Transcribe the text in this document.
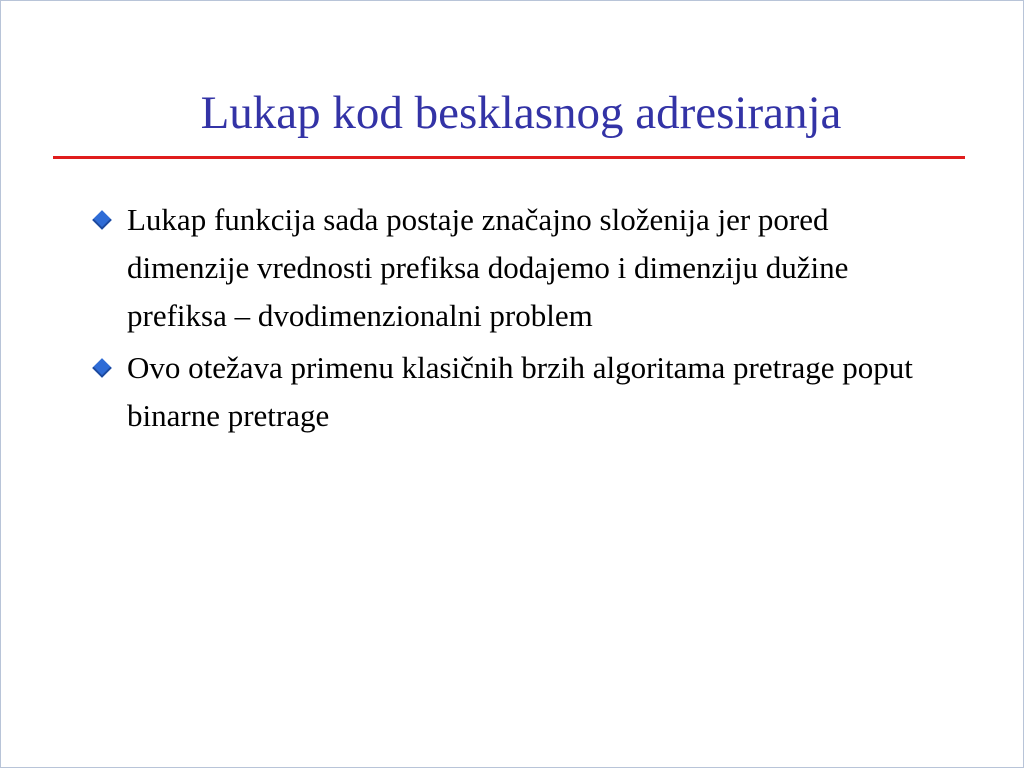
Lukap kod besklasnog adresiranja
Lukap funkcija sada postaje značajno složenija jer pored dimenzije vrednosti prefiksa dodajemo i dimenziju dužine prefiksa – dvodimenzionalni problem
Ovo otežava primenu klasičnih brzih algoritama pretrage poput binarne pretrage
